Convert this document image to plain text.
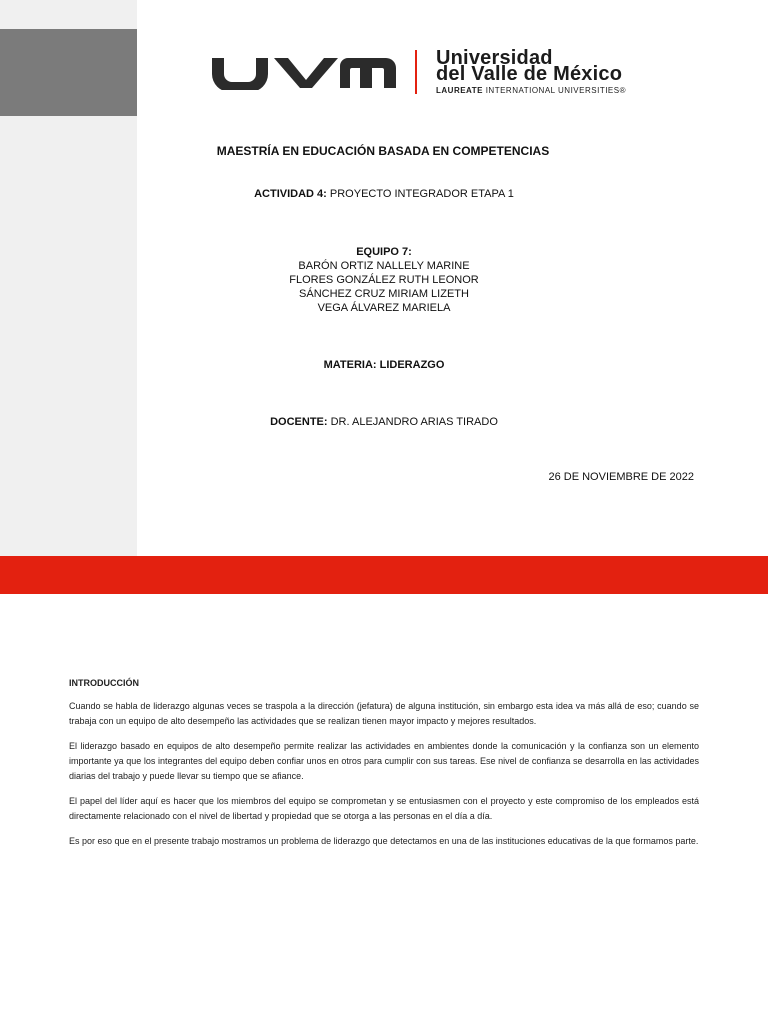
Universidad
del Valle de México
LAUREATE INTERNATIONAL UNIVERSITIES®
MAESTRÍA EN EDUCACIÓN BASADA EN COMPETENCIAS
ACTIVIDAD 4: PROYECTO INTEGRADOR ETAPA 1
EQUIPO 7:
BARÓN ORTIZ NALLELY MARINE
FLORES GONZÁLEZ RUTH LEONOR
SÁNCHEZ CRUZ MIRIAM LIZETH
VEGA ÁLVAREZ MARIELA
MATERIA: LIDERAZGO
DOCENTE: DR. ALEJANDRO ARIAS TIRADO
26 DE NOVIEMBRE DE 2022
INTRODUCCIÓN
Cuando se habla de liderazgo algunas veces se traspola a la dirección (jefatura) de alguna institución, sin embargo esta idea va más allá de eso; cuando se trabaja con un equipo de alto desempeño las actividades que se realizan tienen mayor impacto y mejores resultados.
El liderazgo basado en equipos de alto desempeño permite realizar las actividades en ambientes donde la comunicación y la confianza son un elemento importante ya que los integrantes del equipo deben confiar unos en otros para cumplir con sus tareas. Ese nivel de confianza se desarrolla en las actividades diarias del trabajo y puede llevar su tiempo que se afiance.
El papel del líder aquí es hacer que los miembros del equipo se comprometan y se entusiasmen con el proyecto y este compromiso de los empleados está directamente relacionado con el nivel de libertad y propiedad que se otorga a las personas en el día a día.
Es por eso que en el presente trabajo mostramos un problema de liderazgo que detectamos en una de las instituciones educativas de la que formamos parte.
